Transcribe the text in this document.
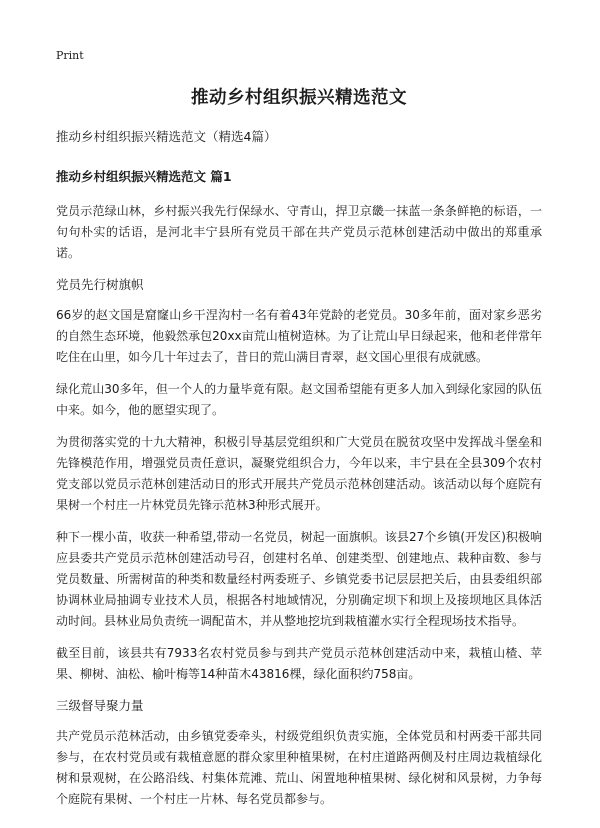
Print
推动乡村组织振兴精选范文
推动乡村组织振兴精选范文（精选4篇）
推动乡村组织振兴精选范文 篇1

党员示范绿山林，乡村振兴我先行保绿水、守青山，捍卫京畿一抹蓝一条条鲜艳的标语，一句句朴实的话语，是河北丰宁县所有党员干部在共产党员示范林创建活动中做出的郑重承诺。

党员先行树旗帜

66岁的赵文国是窟窿山乡干涅沟村一名有着43年党龄的老党员。30多年前，面对家乡恶劣的自然生态环境，他毅然承包20xx亩荒山植树造林。为了让荒山早日绿起来，他和老伴常年吃住在山里，如今几十年过去了，昔日的荒山满目青翠，赵文国心里很有成就感。

绿化荒山30多年，但一个人的力量毕竟有限。赵文国希望能有更多人加入到绿化家园的队伍中来。如今，他的愿望实现了。

为贯彻落实党的十九大精神，积极引导基层党组织和广大党员在脱贫攻坚中发挥战斗堡垒和先锋模范作用，增强党员责任意识，凝聚党组织合力，今年以来，丰宁县在全县309个农村党支部以党员示范林创建活动日的形式开展共产党员示范林创建活动。该活动以每个庭院有果树一个村庄一片林党员先锋示范林3种形式展开。

种下一棵小苗，收获一种希望,带动一名党员，树起一面旗帜。该县27个乡镇(开发区)积极响应县委共产党员示范林创建活动号召，创建村名单、创建类型、创建地点、栽种亩数、参与党员数量、所需树苗的种类和数量经村两委班子、乡镇党委书记层层把关后，由县委组织部协调林业局抽调专业技术人员，根据各村地域情况，分别确定坝下和坝上及接坝地区具体活动时间。县林业局负责统一调配苗木，并从整地挖坑到栽植灌水实行全程现场技术指导。

截至目前，该县共有7933名农村党员参与到共产党员示范林创建活动中来，栽植山楂、苹果、柳树、油松、榆叶梅等14种苗木43816棵，绿化面积约758亩。

三级督导聚力量

共产党员示范林活动，由乡镇党委牵头，村级党组织负责实施，全体党员和村两委干部共同参与，在农村党员或有栽植意愿的群众家里种植果树，在村庄道路两侧及村庄周边栽植绿化树和景观树，在公路沿线、村集体荒滩、荒山、闲置地种植果树、绿化树和风景树，力争每个庭院有果树、一个村庄一片林、每名党员都参与。
